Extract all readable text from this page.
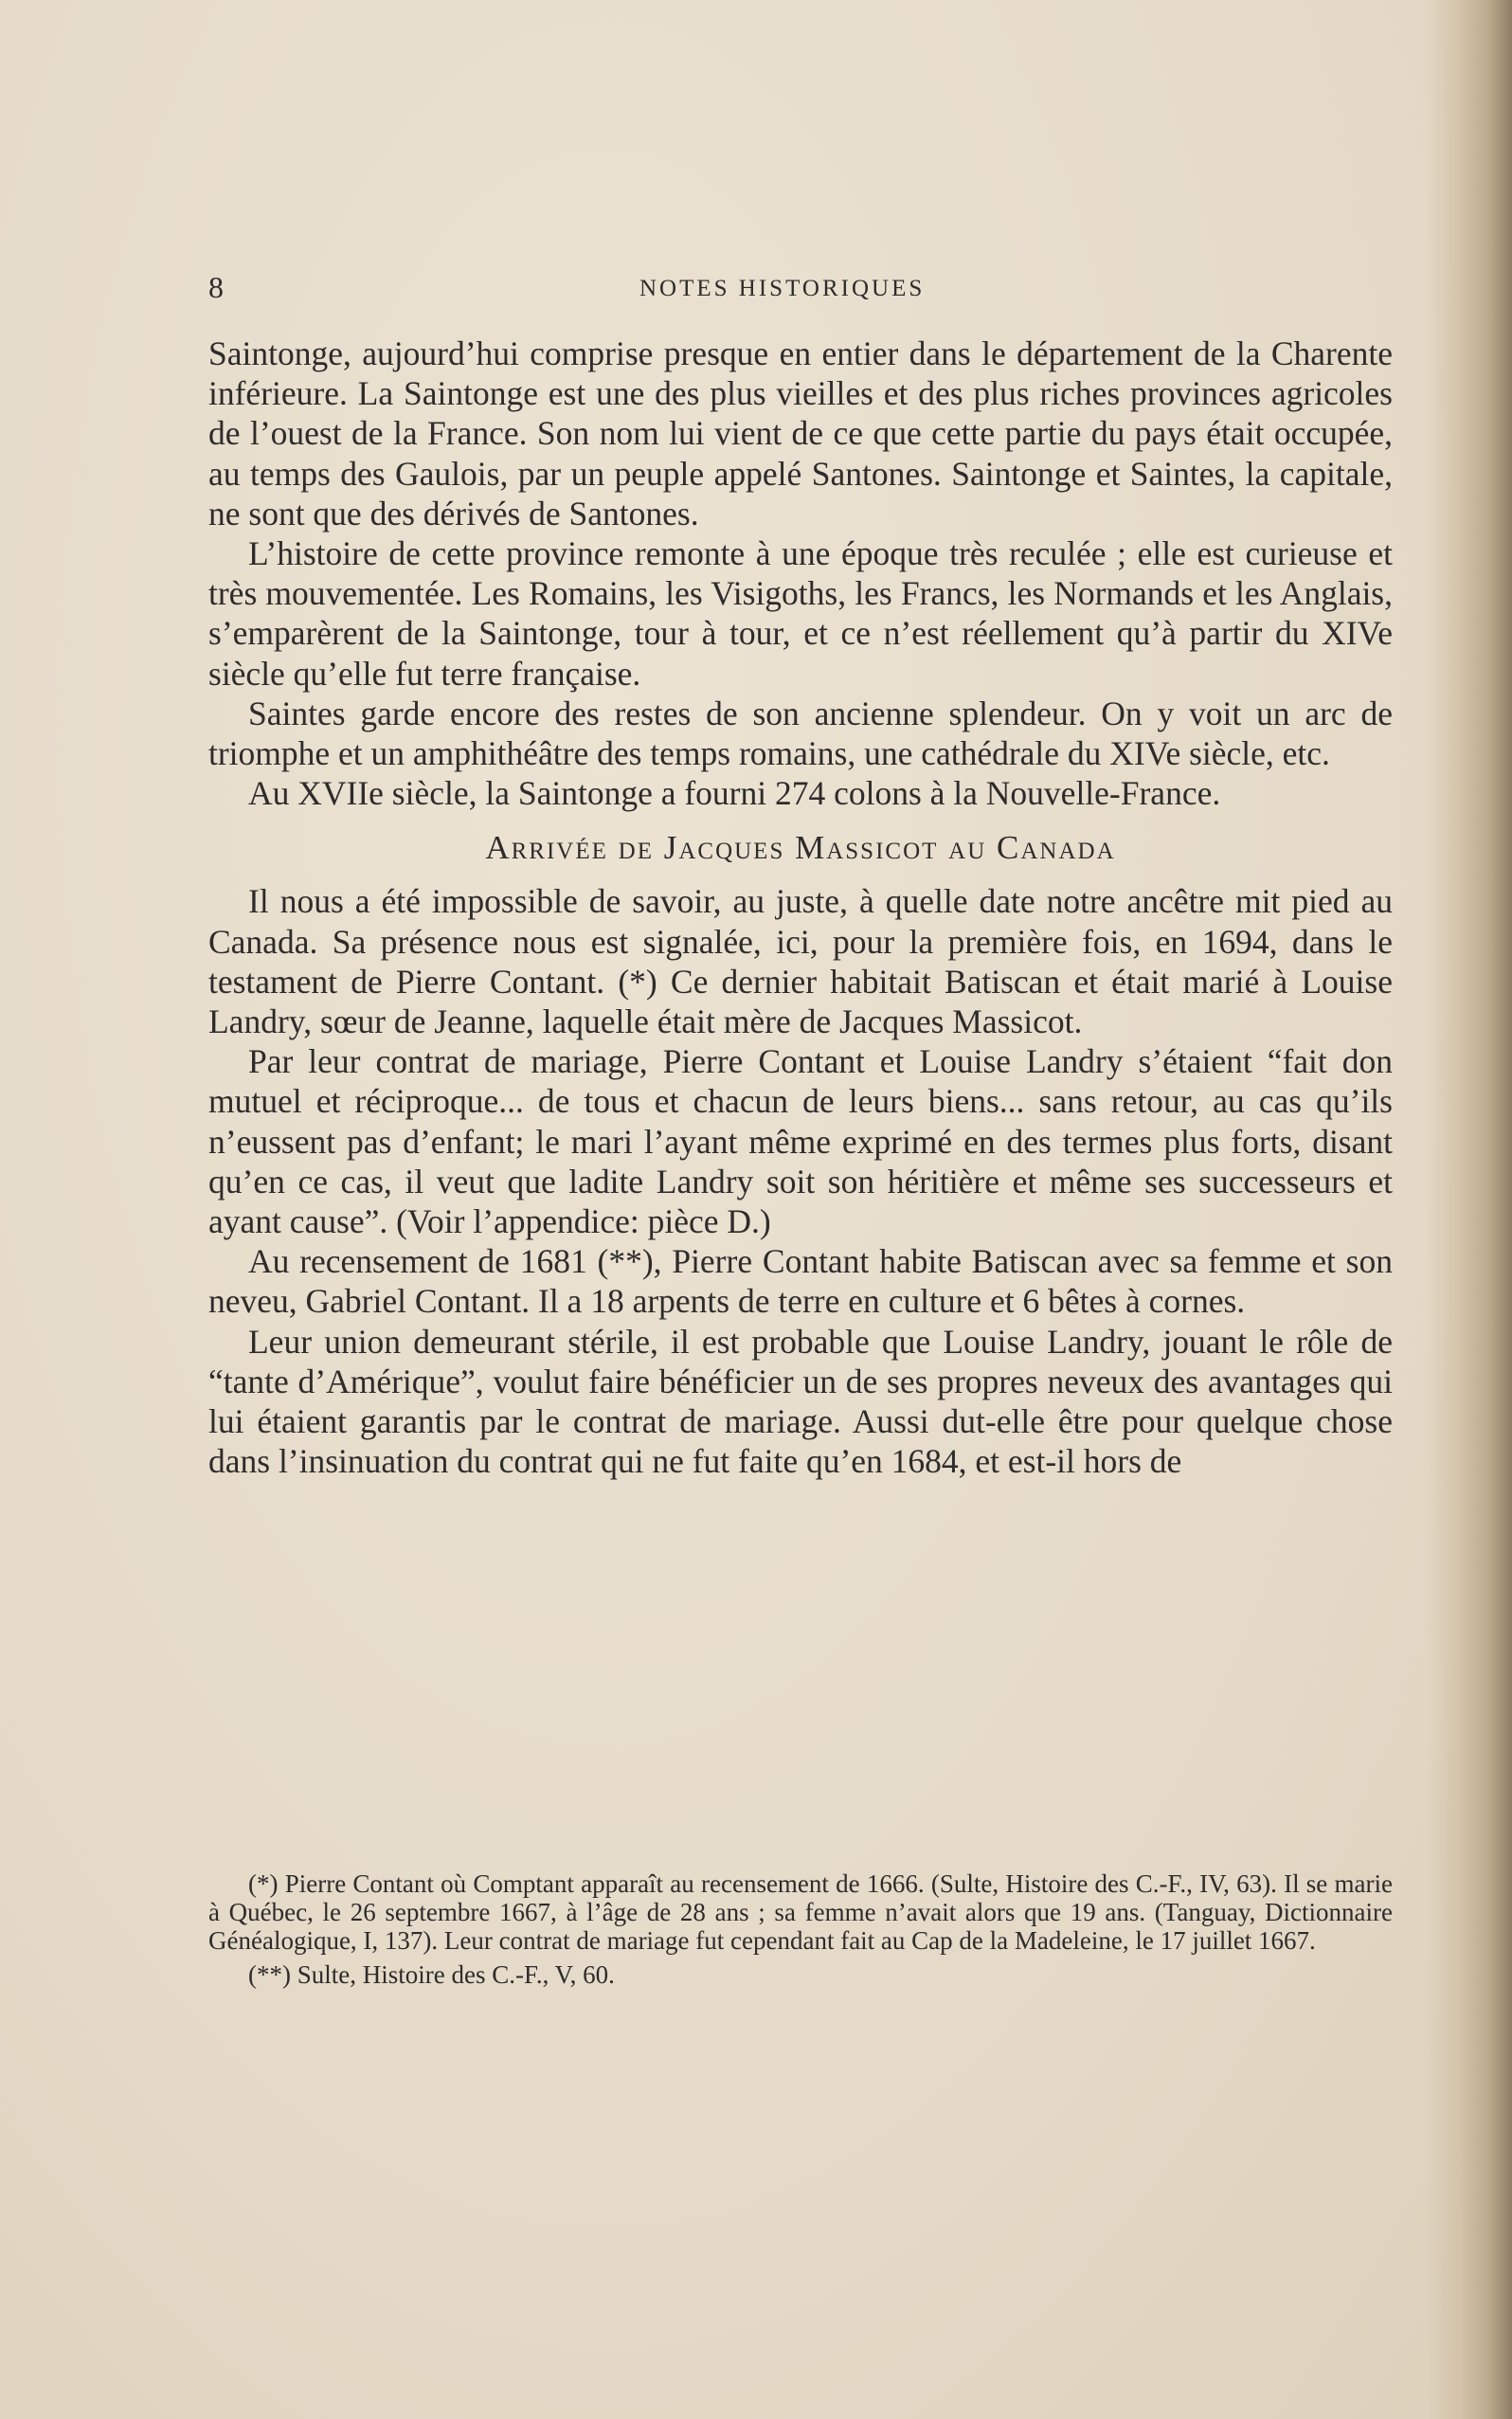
8	NOTES HISTORIQUES

Saintonge, aujourd’hui comprise presque en entier dans le département de la Charente inférieure. La Saintonge est une des plus vieilles et des plus riches provinces agricoles de l’ouest de la France. Son nom lui vient de ce que cette partie du pays était occupée, au temps des Gaulois, par un peuple appelé Santones. Saintonge et Saintes, la capitale, ne sont que des dérivés de Santones.

L’histoire de cette province remonte à une époque très reculée ; elle est curieuse et très mouvementée. Les Romains, les Visigoths, les Francs, les Normands et les Anglais, s’emparèrent de la Saintonge, tour à tour, et ce n’est réellement qu’à partir du XIVe siècle qu’elle fut terre française.

Saintes garde encore des restes de son ancienne splendeur. On y voit un arc de triomphe et un amphithéâtre des temps romains, une cathédrale du XIVe siècle, etc.

Au XVIIe siècle, la Saintonge a fourni 274 colons à la Nouvelle-France.

Arrivée de Jacques Massicot au Canada

Il nous a été impossible de savoir, au juste, à quelle date notre ancêtre mit pied au Canada. Sa présence nous est signalée, ici, pour la première fois, en 1694, dans le testament de Pierre Contant. (*) Ce dernier habitait Batiscan et était marié à Louise Landry, sœur de Jeanne, laquelle était mère de Jacques Massicot.

Par leur contrat de mariage, Pierre Contant et Louise Landry s’étaient “fait don mutuel et réciproque... de tous et chacun de leurs biens... sans retour, au cas qu’ils n’eussent pas d’enfant; le mari l’ayant même exprimé en des termes plus forts, disant qu’en ce cas, il veut que ladite Landry soit son héritière et même ses successeurs et ayant cause”. (Voir l’appendice: pièce D.)

Au recensement de 1681 (**), Pierre Contant habite Batiscan avec sa femme et son neveu, Gabriel Contant. Il a 18 arpents de terre en culture et 6 bêtes à cornes.

Leur union demeurant stérile, il est probable que Louise Landry, jouant le rôle de “tante d’Amérique”, voulut faire bénéficier un de ses propres neveux des avantages qui lui étaient garantis par le contrat de mariage. Aussi dut-elle être pour quelque chose dans l’insinuation du contrat qui ne fut faite qu’en 1684, et est-il hors de

(*) Pierre Contant où Comptant apparaît au recensement de 1666. (Sulte, Histoire des C.-F., IV, 63). Il se marie à Québec, le 26 septembre 1667, à l’âge de 28 ans ; sa femme n’avait alors que 19 ans. (Tanguay, Dictionnaire Généalogique, I, 137). Leur contrat de mariage fut cependant fait au Cap de la Madeleine, le 17 juillet 1667.

(**) Sulte, Histoire des C.-F., V, 60.
